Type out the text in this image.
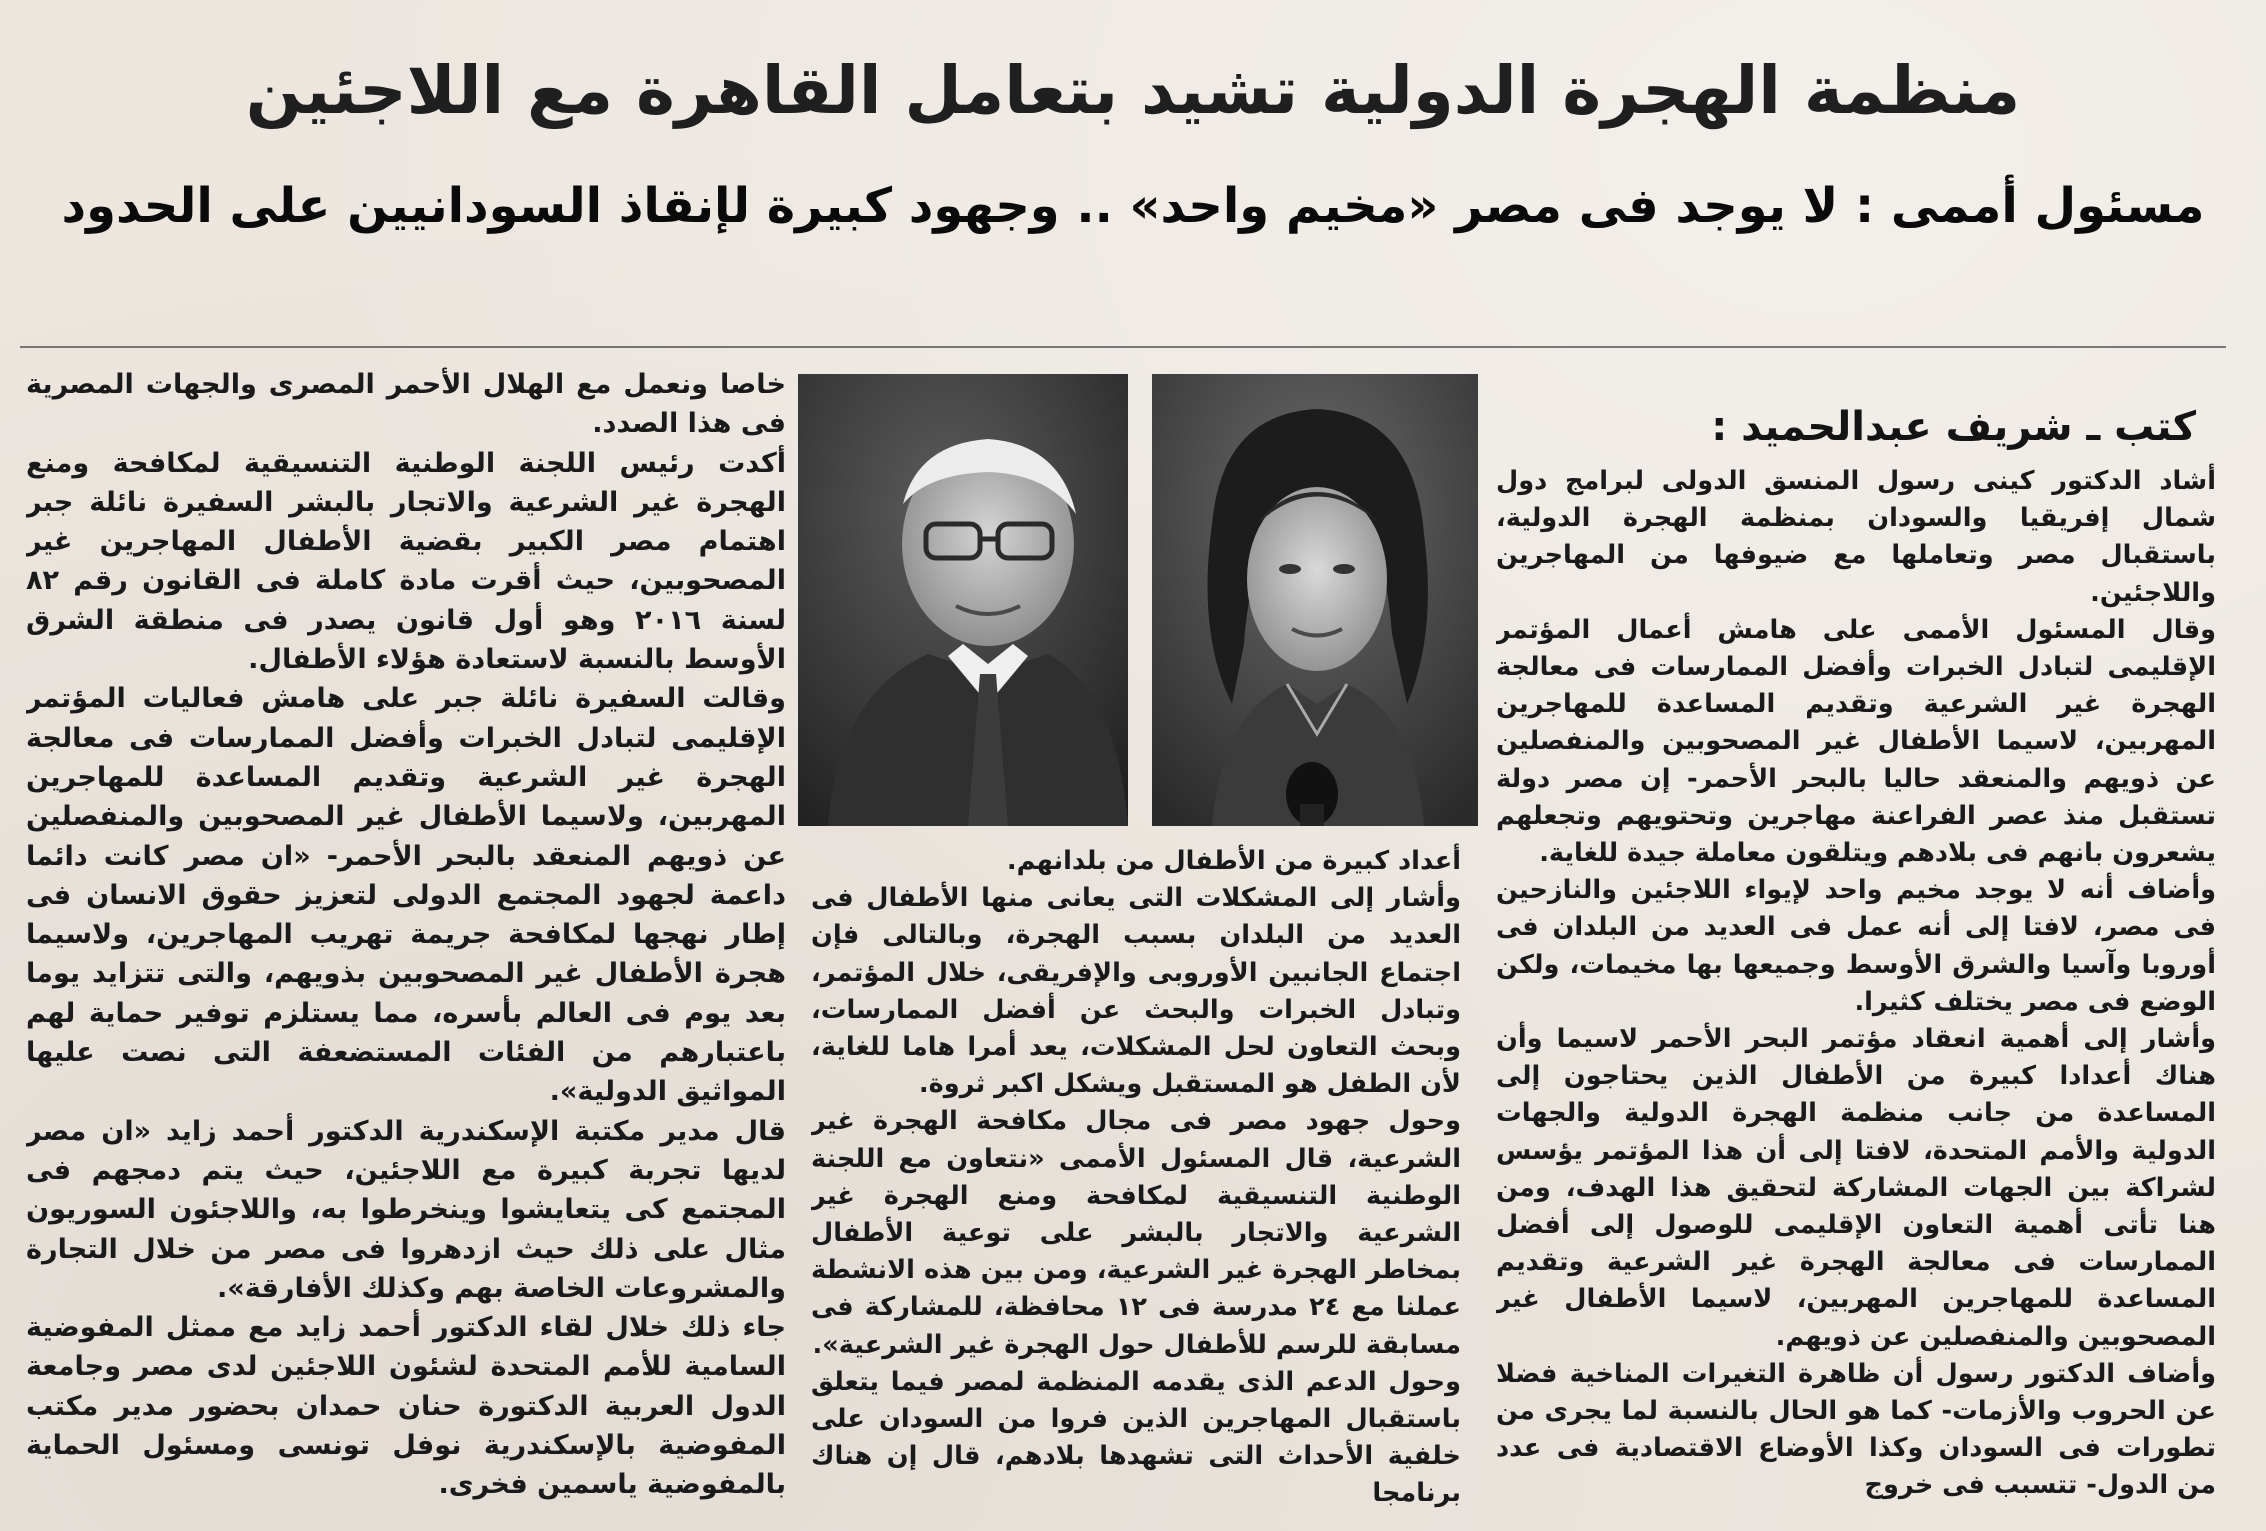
منظمة الهجرة الدولية تشيد بتعامل القاهرة مع اللاجئين
مسئول أممى : لا يوجد فى مصر «مخيم واحد» .. وجهود كبيرة لإنقاذ السودانيين على الحدود
كتب ـ شريف عبدالحميد :

أشاد الدكتور كينى رسول المنسق الدولى لبرامج دول شمال إفريقيا والسودان بمنظمة الهجرة الدولية، باستقبال مصر وتعاملها مع ضيوفها من المهاجرين واللاجئين.

وقال المسئول الأممى على هامش أعمال المؤتمر الإقليمى لتبادل الخبرات وأفضل الممارسات فى معالجة الهجرة غير الشرعية وتقديم المساعدة للمهاجرين المهربين، لاسيما الأطفال غير المصحوبين والمنفصلين عن ذويهم والمنعقد حاليا بالبحر الأحمر- إن مصر دولة تستقبل منذ عصر الفراعنة مهاجرين وتحتويهم وتجعلهم يشعرون بانهم فى بلادهم ويتلقون معاملة جيدة للغاية.

وأضاف أنه لا يوجد مخيم واحد لإيواء اللاجئين والنازحين فى مصر، لافتا إلى أنه عمل فى العديد من البلدان فى أوروبا وآسيا والشرق الأوسط وجميعها بها مخيمات، ولكن الوضع فى مصر يختلف كثيرا.

وأشار إلى أهمية انعقاد مؤتمر البحر الأحمر لاسيما وأن هناك أعدادا كبيرة من الأطفال الذين يحتاجون إلى المساعدة من جانب منظمة الهجرة الدولية والجهات الدولية والأمم المتحدة، لافتا إلى أن هذا المؤتمر يؤسس لشراكة بين الجهات المشاركة لتحقيق هذا الهدف، ومن هنا تأتى أهمية التعاون الإقليمى للوصول إلى أفضل الممارسات فى معالجة الهجرة غير الشرعية وتقديم المساعدة للمهاجرين المهربين، لاسيما الأطفال غير المصحوبين والمنفصلين عن ذويهم.

وأضاف الدكتور رسول أن ظاهرة التغيرات المناخية فضلا عن الحروب والأزمات- كما هو الحال بالنسبة لما يجرى من تطورات فى السودان وكذا الأوضاع الاقتصادية فى عدد من الدول- تتسبب فى خروج

أعداد كبيرة من الأطفال من بلدانهم.

وأشار إلى المشكلات التى يعانى منها الأطفال فى العديد من البلدان بسبب الهجرة، وبالتالى فإن اجتماع الجانبين الأوروبى والإفريقى، خلال المؤتمر، وتبادل الخبرات والبحث عن أفضل الممارسات، وبحث التعاون لحل المشكلات، يعد أمرا هاما للغاية، لأن الطفل هو المستقبل ويشكل اكبر ثروة.

وحول جهود مصر فى مجال مكافحة الهجرة غير الشرعية، قال المسئول الأممى «نتعاون مع اللجنة الوطنية التنسيقية لمكافحة ومنع الهجرة غير الشرعية والاتجار بالبشر على توعية الأطفال بمخاطر الهجرة غير الشرعية، ومن بين هذه الانشطة عملنا مع ٢٤ مدرسة فى ١٢ محافظة، للمشاركة فى مسابقة للرسم للأطفال حول الهجرة غير الشرعية».

وحول الدعم الذى يقدمه المنظمة لمصر فيما يتعلق باستقبال المهاجرين الذين فروا من السودان على خلفية الأحداث التى تشهدها بلادهم، قال إن هناك برنامجا

خاصا ونعمل مع الهلال الأحمر المصرى والجهات المصرية فى هذا الصدد.

أكدت رئيس اللجنة الوطنية التنسيقية لمكافحة ومنع الهجرة غير الشرعية والاتجار بالبشر السفيرة نائلة جبر اهتمام مصر الكبير بقضية الأطفال المهاجرين غير المصحوبين، حيث أقرت مادة كاملة فى القانون رقم ٨٢ لسنة ٢٠١٦ وهو أول قانون يصدر فى منطقة الشرق الأوسط بالنسبة لاستعادة هؤلاء الأطفال.

وقالت السفيرة نائلة جبر على هامش فعاليات المؤتمر الإقليمى لتبادل الخبرات وأفضل الممارسات فى معالجة الهجرة غير الشرعية وتقديم المساعدة للمهاجرين المهربين، ولاسيما الأطفال غير المصحوبين والمنفصلين عن ذويهم المنعقد بالبحر الأحمر- «ان مصر كانت دائما داعمة لجهود المجتمع الدولى لتعزيز حقوق الانسان فى إطار نهجها لمكافحة جريمة تهريب المهاجرين، ولاسيما هجرة الأطفال غير المصحوبين بذويهم، والتى تتزايد يوما بعد يوم فى العالم بأسره، مما يستلزم توفير حماية لهم باعتبارهم من الفئات المستضعفة التى نصت عليها المواثيق الدولية».

قال مدير مكتبة الإسكندرية الدكتور أحمد زايد «ان مصر لديها تجربة كبيرة مع اللاجئين، حيث يتم دمجهم فى المجتمع كى يتعايشوا وينخرطوا به، واللاجئون السوريون مثال على ذلك حيث ازدهروا فى مصر من خلال التجارة والمشروعات الخاصة بهم وكذلك الأفارقة».

جاء ذلك خلال لقاء الدكتور أحمد زايد مع ممثل المفوضية السامية للأمم المتحدة لشئون اللاجئين لدى مصر وجامعة الدول العربية الدكتورة حنان حمدان بحضور مدير مكتب المفوضية بالإسكندرية نوفل تونسى ومسئول الحماية بالمفوضية ياسمين فخرى.
